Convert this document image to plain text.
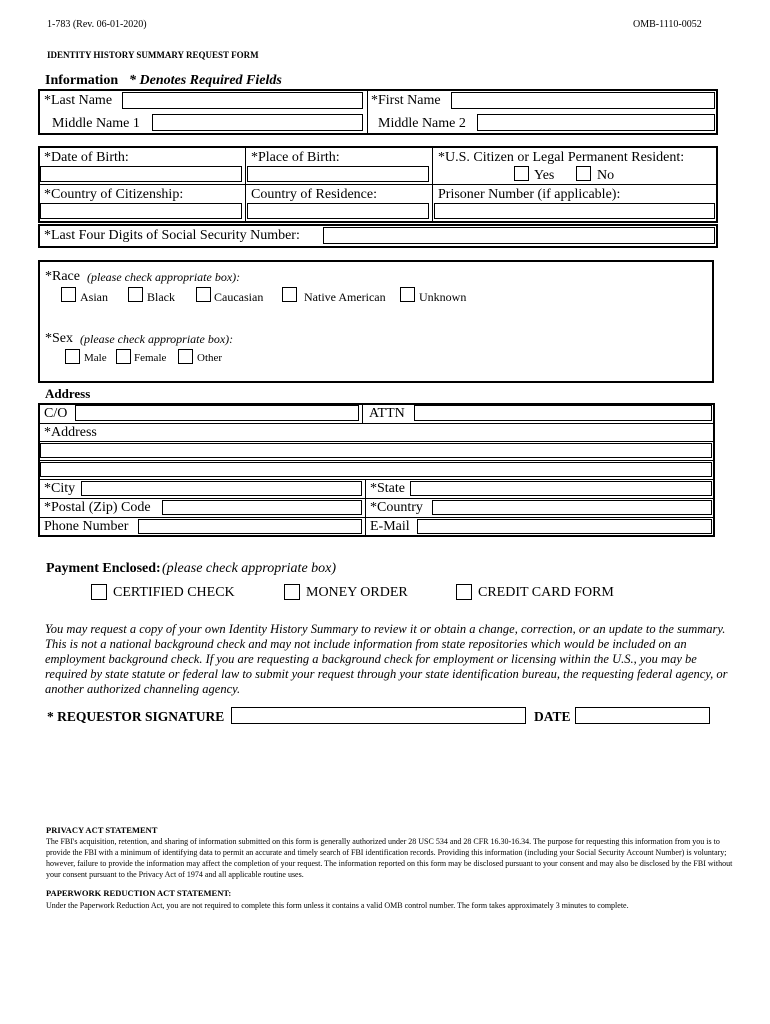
1-783 (Rev. 06-01-2020)	OMB-1110-0052
IDENTITY HISTORY SUMMARY REQUEST FORM
Information * Denotes Required Fields
*Last Name	*First Name
Middle Name 1	Middle Name 2
*Date of Birth:	*Place of Birth:	*U.S. Citizen or Legal Permanent Resident:
Yes	No
*Country of Citizenship:	Country of Residence:	Prisoner Number (if applicable):
*Last Four Digits of Social Security Number:
*Race (please check appropriate box):
Asian	Black	Caucasian	Native American	Unknown
*Sex (please check appropriate box):
Male Female	Other
Address
C/O	ATTN
*Address
*City	*State
*Postal (Zip) Code	*Country
Phone Number	E-Mail
Payment Enclosed: (please check appropriate box)
CERTIFIED CHECK	MONEY ORDER	CREDIT CARD FORM
You may request a copy of your own Identity History Summary to review it or obtain a change, correction, or an update to the summary. This is not a national background check and may not include information from state repositories which would be included on an employment background check. If you are requesting a background check for employment or licensing within the U.S., you may be required by state statute or federal law to submit your request through your state identification bureau, the requesting federal agency, or another authorized channeling agency.
* REQUESTOR SIGNATURE	DATE
PRIVACY ACT STATEMENT
The FBI's acquisition, retention, and sharing of information submitted on this form is generally authorized under 28 USC 534 and 28 CFR 16.30-16.34. The purpose for requesting this information from you is to provide the FBI with a minimum of identifying data to permit an accurate and timely search of FBI identification records. Providing this information (including your Social Security Account Number) is voluntary; however, failure to provide the information may affect the completion of your request. The information reported on this form may be disclosed pursuant to your consent and may also be disclosed by the FBI without your consent pursuant to the Privacy Act of 1974 and all applicable routine uses.
PAPERWORK REDUCTION ACT STATEMENT:
Under the Paperwork Reduction Act, you are not required to complete this form unless it contains a valid OMB control number. The form takes approximately 3 minutes to complete.
